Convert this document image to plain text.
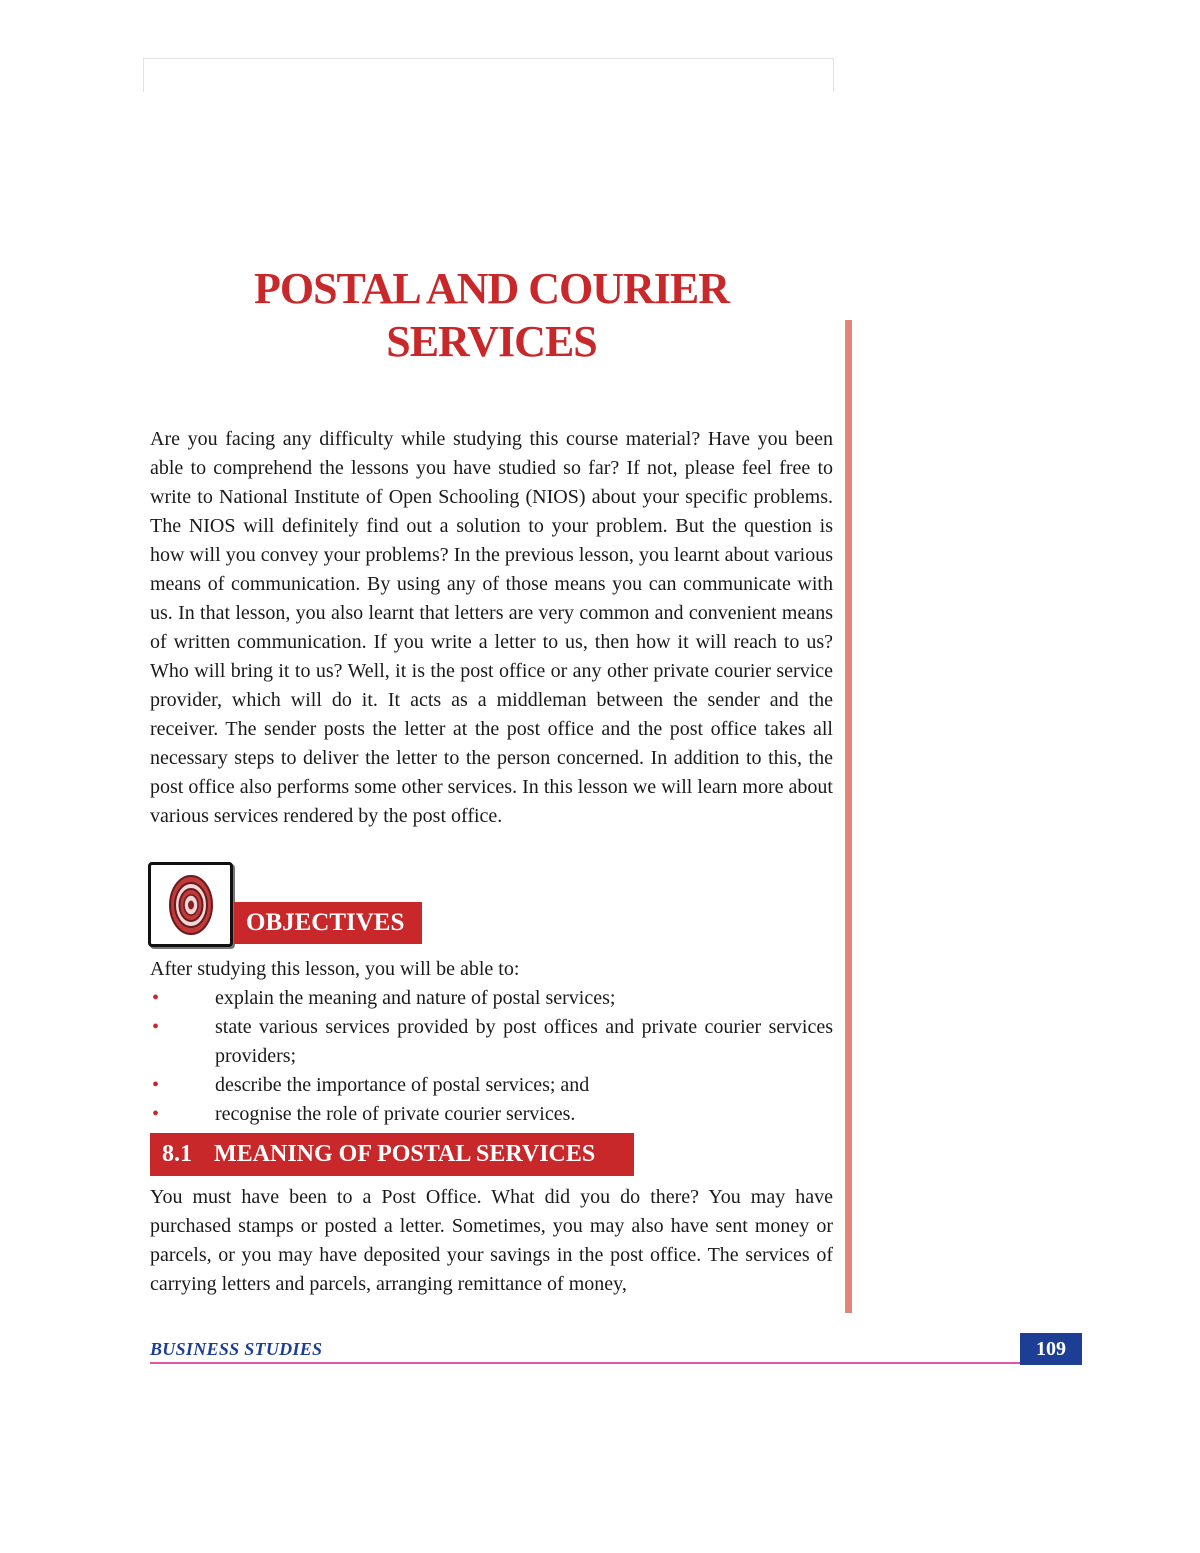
POSTAL AND COURIER
SERVICES

Are you facing any difficulty while studying this course material? Have you been able to comprehend the lessons you have studied so far? If not, please feel free to write to National Institute of Open Schooling (NIOS) about your specific problems. The NIOS will definitely find out a solution to your problem. But the question is how will you convey your problems? In the previous lesson, you learnt about various means of communication. By using any of those means you can communicate with us. In that lesson, you also learnt that letters are very common and convenient means of written communication. If you write a letter to us, then how it will reach to us? Who will bring it to us? Well, it is the post office or any other private courier service provider, which will do it. It acts as a middleman between the sender and the receiver. The sender posts the letter at the post office and the post office takes all necessary steps to deliver the letter to the person concerned. In addition to this, the post office also performs some other services. In this lesson we will learn more about various services rendered by the post office.

OBJECTIVES

After studying this lesson, you will be able to:

•	explain the meaning and nature of postal services;
•	state various services provided by post offices and private courier services providers;
•	describe the importance of postal services; and
•	recognise the role of private courier services.
8.1 MEANING OF POSTAL SERVICES

You must have been to a Post Office. What did you do there? You may have purchased stamps or posted a letter. Sometimes, you may also have sent money or parcels, or you may have deposited your savings in the post office. The services of carrying letters and parcels, arranging remittance of money,

BUSINESS STUDIES	109
